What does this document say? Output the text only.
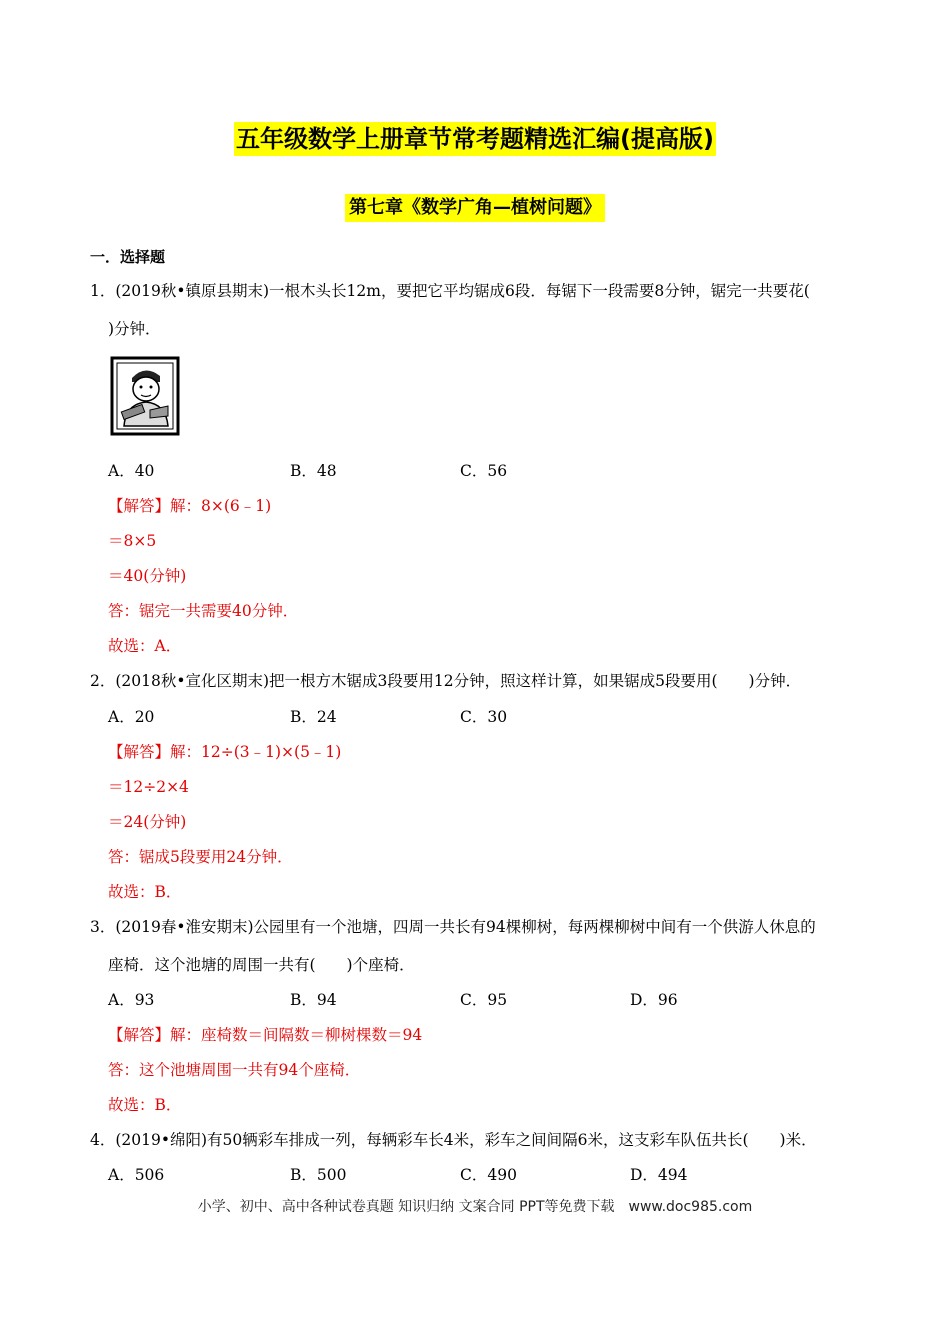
五年级数学上册章节常考题精选汇编(提高版)
第七章《数学广角—植树问题》
一．选择题
1．(2019秋•镇原县期末)一根木头长12m，要把它平均锯成6段．每锯下一段需要8分钟，锯完一共要花(
)分钟．
A．40	B．48	C．56
【解答】解：8×(6﹣1)
＝8×5
＝40(分钟)
答：锯完一共需要40分钟．
故选：A．
2．(2018秋•宣化区期末)把一根方木锯成3段要用12分钟，照这样计算，如果锯成5段要用(　　)分钟．
A．20	B．24	C．30
【解答】解：12÷(3﹣1)×(5﹣1)
＝12÷2×4
＝24(分钟)
答：锯成5段要用24分钟．
故选：B．
3．(2019春•淮安期末)公园里有一个池塘，四周一共长有94棵柳树，每两棵柳树中间有一个供游人休息的
座椅．这个池塘的周围一共有(　　)个座椅．
A．93	B．94	C．95	D．96
【解答】解：座椅数＝间隔数＝柳树棵数＝94
答：这个池塘周围一共有94个座椅．
故选：B．
4．(2019•绵阳)有50辆彩车排成一列，每辆彩车长4米，彩车之间间隔6米，这支彩车队伍共长(　　)米．
A．506	B．500	C．490	D．494
小学、初中、高中各种试卷真题 知识归纳 文案合同 PPT等免费下载　www.doc985.com
